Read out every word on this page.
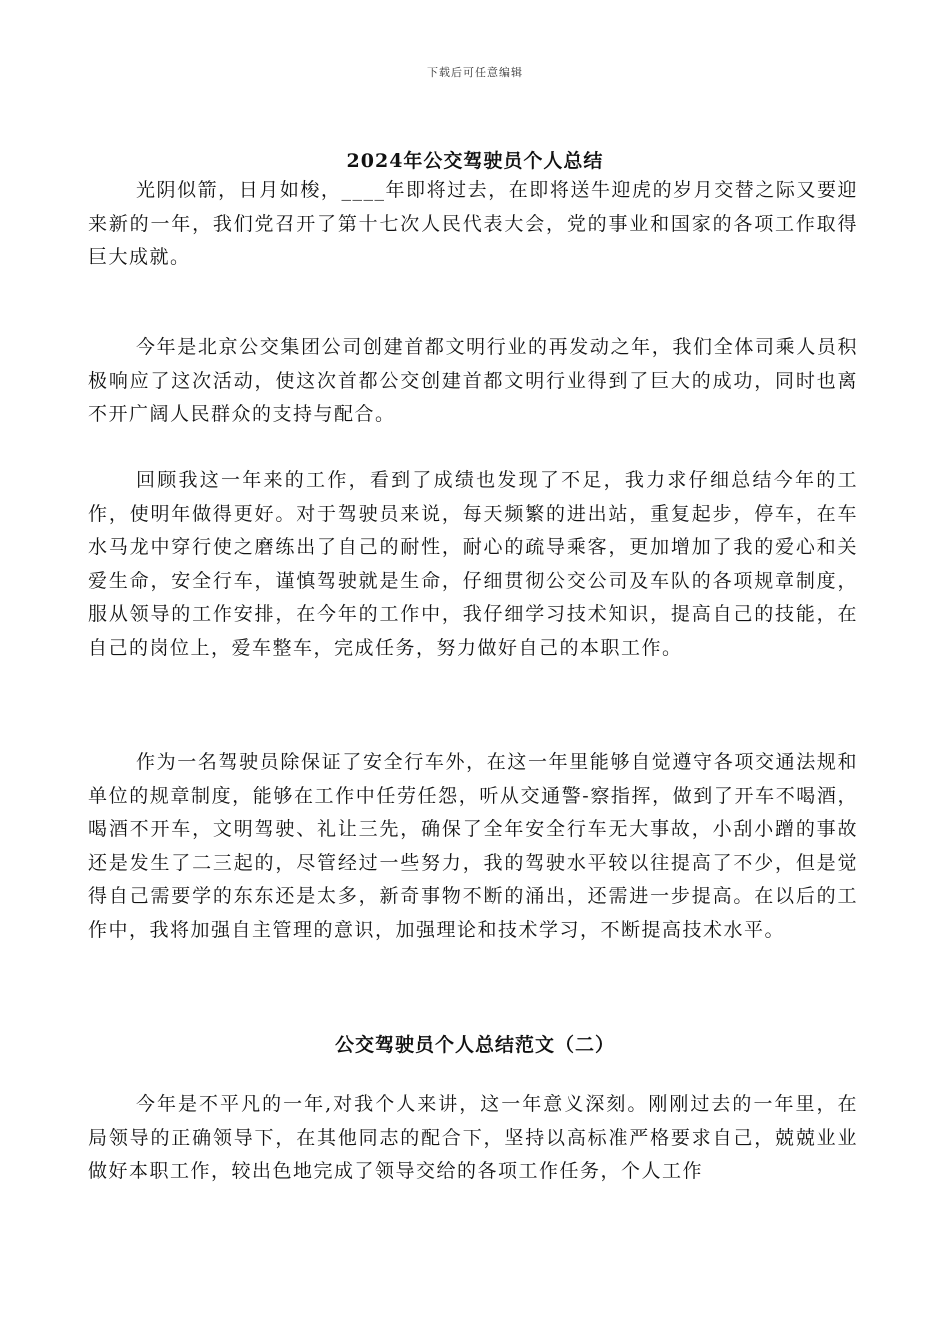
下载后可任意编辑
2024年公交驾驶员个人总结

光阴似箭，日月如梭，____年即将过去，在即将送牛迎虎的岁月交替之际又要迎来新的一年，我们党召开了第十七次人民代表大会，党的事业和国家的各项工作取得巨大成就。

今年是北京公交集团公司创建首都文明行业的再发动之年，我们全体司乘人员积极响应了这次活动，使这次首都公交创建首都文明行业得到了巨大的成功，同时也离不开广阔人民群众的支持与配合。

回顾我这一年来的工作，看到了成绩也发现了不足，我力求仔细总结今年的工作，使明年做得更好。对于驾驶员来说，每天频繁的进出站，重复起步，停车，在车水马龙中穿行使之磨练出了自己的耐性，耐心的疏导乘客，更加增加了我的爱心和关爱生命，安全行车，谨慎驾驶就是生命，仔细贯彻公交公司及车队的各项规章制度，服从领导的工作安排，在今年的工作中，我仔细学习技术知识，提高自己的技能，在自己的岗位上，爱车整车，完成任务，努力做好自己的本职工作。

作为一名驾驶员除保证了安全行车外，在这一年里能够自觉遵守各项交通法规和单位的规章制度，能够在工作中任劳任怨，听从交通警-察指挥，做到了开车不喝酒，喝酒不开车，文明驾驶、礼让三先，确保了全年安全行车无大事故，小刮小蹭的事故还是发生了二三起的，尽管经过一些努力，我的驾驶水平较以往提高了不少，但是觉得自己需要学的东东还是太多，新奇事物不断的涌出，还需进一步提高。在以后的工作中，我将加强自主管理的意识，加强理论和技术学习，不断提高技术水平。

公交驾驶员个人总结范文（二）

今年是不平凡的一年,对我个人来讲，这一年意义深刻。刚刚过去的一年里，在局领导的正确领导下，在其他同志的配合下，坚持以高标准严格要求自己，兢兢业业做好本职工作，较出色地完成了领导交给的各项工作任务，个人工作
